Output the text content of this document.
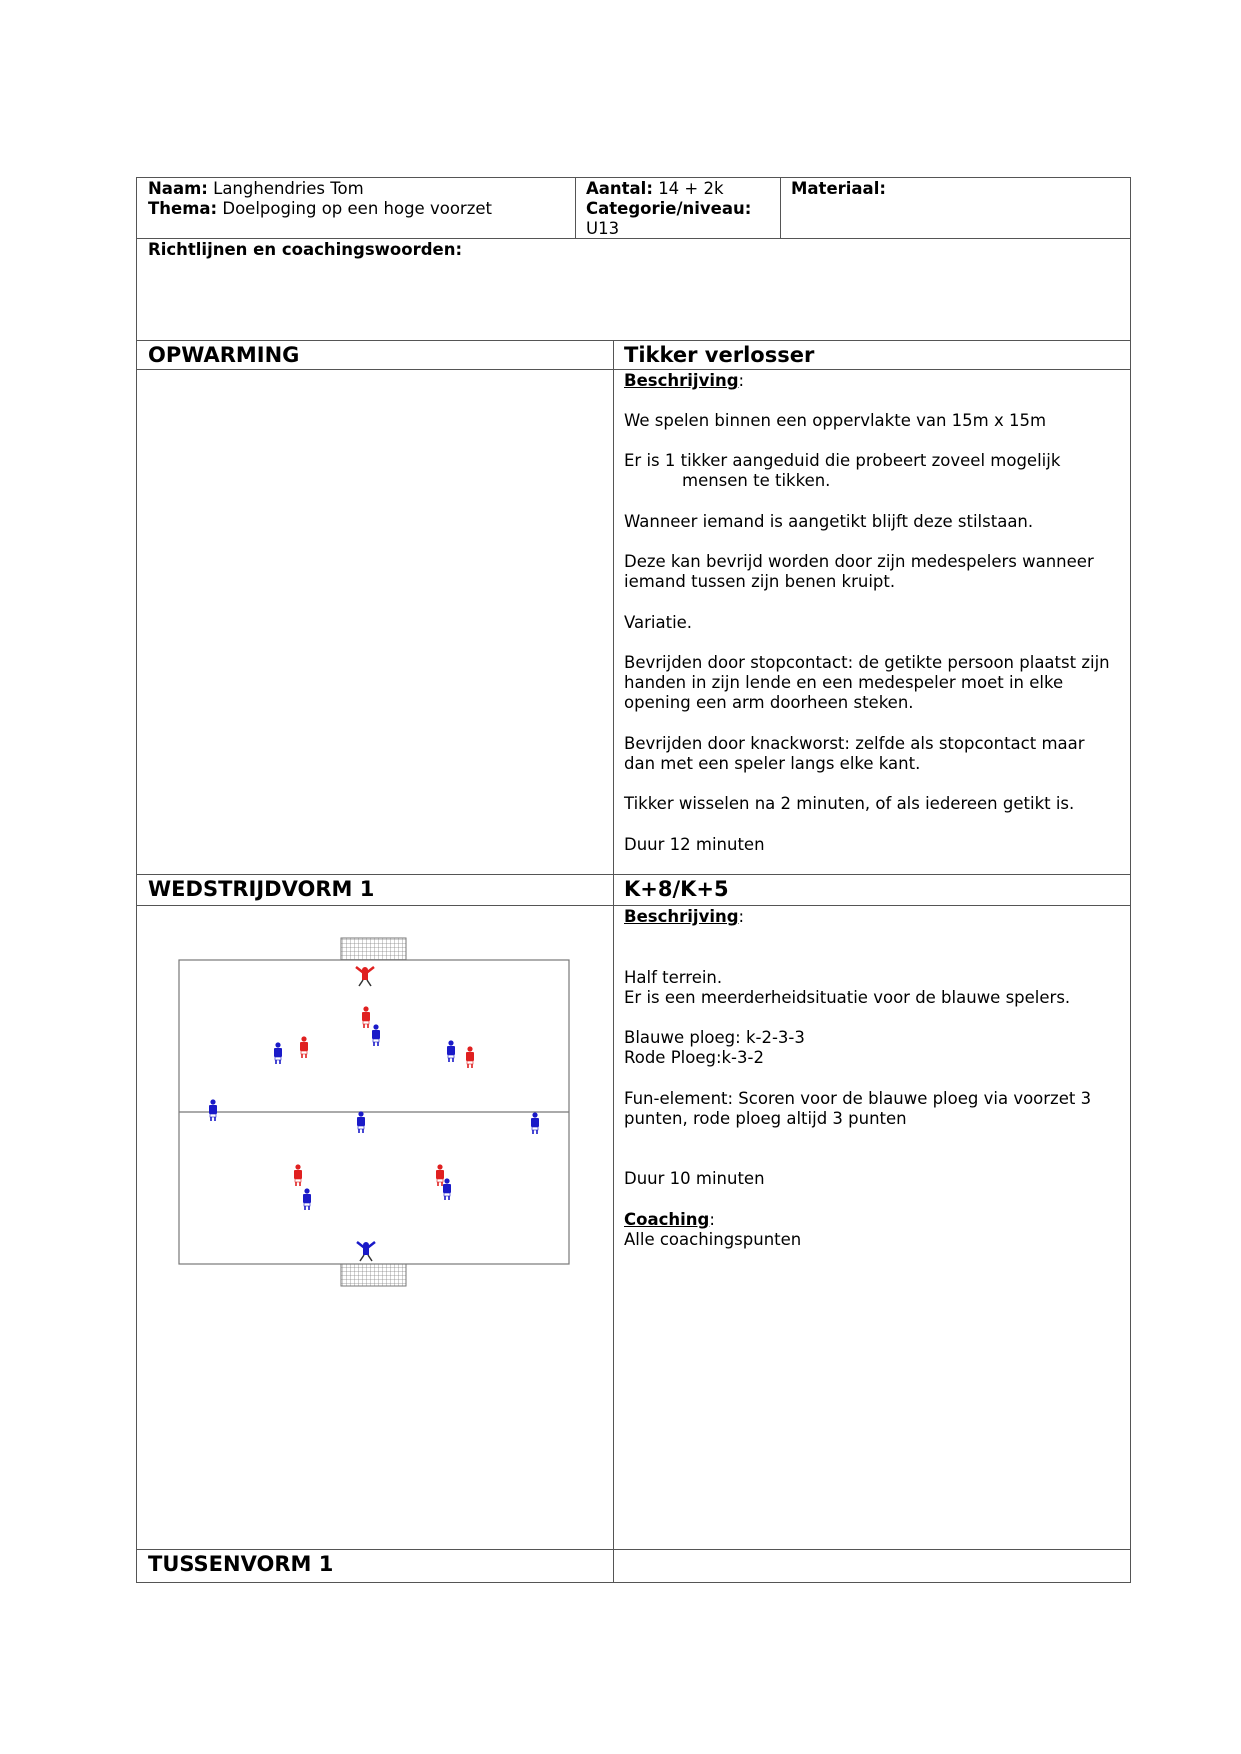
Naam: Langhendries Tom
Thema: Doelpoging op een hoge voorzet
Aantal: 14 + 2k
Categorie/niveau:
U13
Materiaal:
Richtlijnen en coachingswoorden:
OPWARMING	Tikker verlosser
Beschrijving:
We spelen binnen een oppervlakte van 15m x 15m
Er is 1 tikker aangeduid die probeert zoveel mogelijk
mensen te tikken.
Wanneer iemand is aangetikt blijft deze stilstaan.
Deze kan bevrijd worden door zijn medespelers wanneer
iemand tussen zijn benen kruipt.
Variatie.
Bevrijden door stopcontact: de getikte persoon plaatst zijn
handen in zijn lende en een medespeler moet in elke
opening een arm doorheen steken.
Bevrijden door knackworst: zelfde als stopcontact maar
dan met een speler langs elke kant.
Tikker wisselen na 2 minuten, of als iedereen getikt is.
Duur 12 minuten
WEDSTRIJDVORM 1	K+8/K+5
Beschrijving:
Half terrein.
Er is een meerderheidsituatie voor de blauwe spelers.
Blauwe ploeg: k-2-3-3
Rode Ploeg:k-3-2
Fun-element: Scoren voor de blauwe ploeg via voorzet 3
punten, rode ploeg altijd 3 punten
Duur 10 minuten
Coaching:
Alle coachingspunten
TUSSENVORM 1
